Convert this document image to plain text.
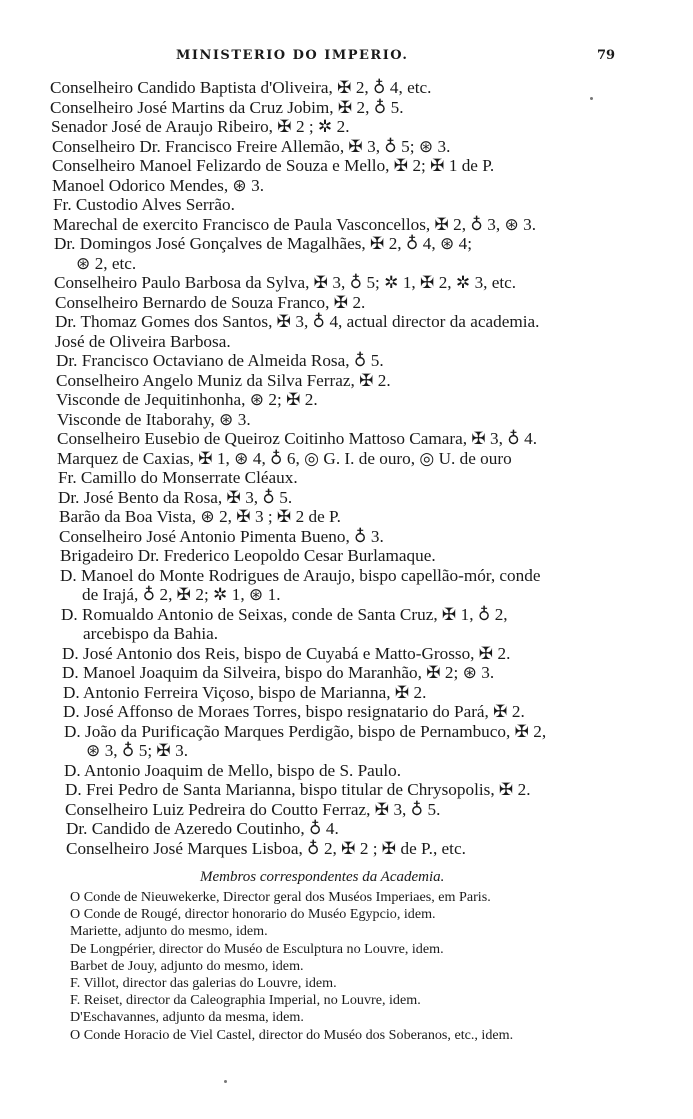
MINISTERIO DO IMPERIO.	79
Conselheiro Candido Baptista d'Oliveira, ✠ 2, ♁ 4, etc.
Conselheiro José Martins da Cruz Jobim, ✠ 2, ♁ 5.
Senador José de Araujo Ribeiro, ✠ 2 ; ✲ 2.
Conselheiro Dr. Francisco Freire Allemão, ✠ 3, ♁ 5; ⊛ 3.
Conselheiro Manoel Felizardo de Souza e Mello, ✠ 2; ✠ 1 de P.
Manoel Odorico Mendes, ⊛ 3.
Fr. Custodio Alves Serrão.
Marechal de exercito Francisco de Paula Vasconcellos, ✠ 2, ♁ 3, ⊛ 3.
Dr. Domingos José Gonçalves de Magalhães, ✠ 2, ♁ 4, ⊛ 4;
⊛ 2, etc.
Conselheiro Paulo Barbosa da Sylva, ✠ 3, ♁ 5; ✲ 1, ✠ 2, ✲ 3, etc.
Conselheiro Bernardo de Souza Franco, ✠ 2.
Dr. Thomaz Gomes dos Santos, ✠ 3, ♁ 4, actual director da academia.
José de Oliveira Barbosa.
Dr. Francisco Octaviano de Almeida Rosa, ♁ 5.
Conselheiro Angelo Muniz da Silva Ferraz, ✠ 2.
Visconde de Jequitinhonha, ⊛ 2; ✠ 2.
Visconde de Itaborahy, ⊛ 3.
Conselheiro Eusebio de Queiroz Coitinho Mattoso Camara, ✠ 3, ♁ 4.
Marquez de Caxias, ✠ 1, ⊛ 4, ♁ 6, ◎ G. I. de ouro, ◎ U. de ouro
Fr. Camillo do Monserrate Cléaux.
Dr. José Bento da Rosa, ✠ 3, ♁ 5.
Barão da Boa Vista, ⊛ 2, ✠ 3 ; ✠ 2 de P.
Conselheiro José Antonio Pimenta Bueno, ♁ 3.
Brigadeiro Dr. Frederico Leopoldo Cesar Burlamaque.
D. Manoel do Monte Rodrigues de Araujo, bispo capellão-mór, conde
de Irajá, ♁ 2, ✠ 2; ✲ 1, ⊛ 1.
D. Romualdo Antonio de Seixas, conde de Santa Cruz, ✠ 1, ♁ 2,
arcebispo da Bahia.
D. José Antonio dos Reis, bispo de Cuyabá e Matto-Grosso, ✠ 2.
D. Manoel Joaquim da Silveira, bispo do Maranhão, ✠ 2; ⊛ 3.
D. Antonio Ferreira Viçoso, bispo de Marianna, ✠ 2.
D. José Affonso de Moraes Torres, bispo resignatario do Pará, ✠ 2.
D. João da Purificação Marques Perdigão, bispo de Pernambuco, ✠ 2,
⊛ 3, ♁ 5; ✠ 3.
D. Antonio Joaquim de Mello, bispo de S. Paulo.
D. Frei Pedro de Santa Marianna, bispo titular de Chrysopolis, ✠ 2.
Conselheiro Luiz Pedreira do Coutto Ferraz, ✠ 3, ♁ 5.
Dr. Candido de Azeredo Coutinho, ♁ 4.
Conselheiro José Marques Lisboa, ♁ 2, ✠ 2 ; ✠ de P., etc.
Membros correspondentes da Academia.
O Conde de Nieuwekerke, Director geral dos Muséos Imperiaes, em Paris.
O Conde de Rougé, director honorario do Muséo Egypcio, idem.
Mariette, adjunto do mesmo, idem.
De Longpérier, director do Muséo de Esculptura no Louvre, idem.
Barbet de Jouy, adjunto do mesmo, idem.
F. Villot, director das galerias do Louvre, idem.
F. Reiset, director da Caleographia Imperial, no Louvre, idem.
D'Eschavannes, adjunto da mesma, idem.
O Conde Horacio de Viel Castel, director do Muséo dos Soberanos, etc., idem.
